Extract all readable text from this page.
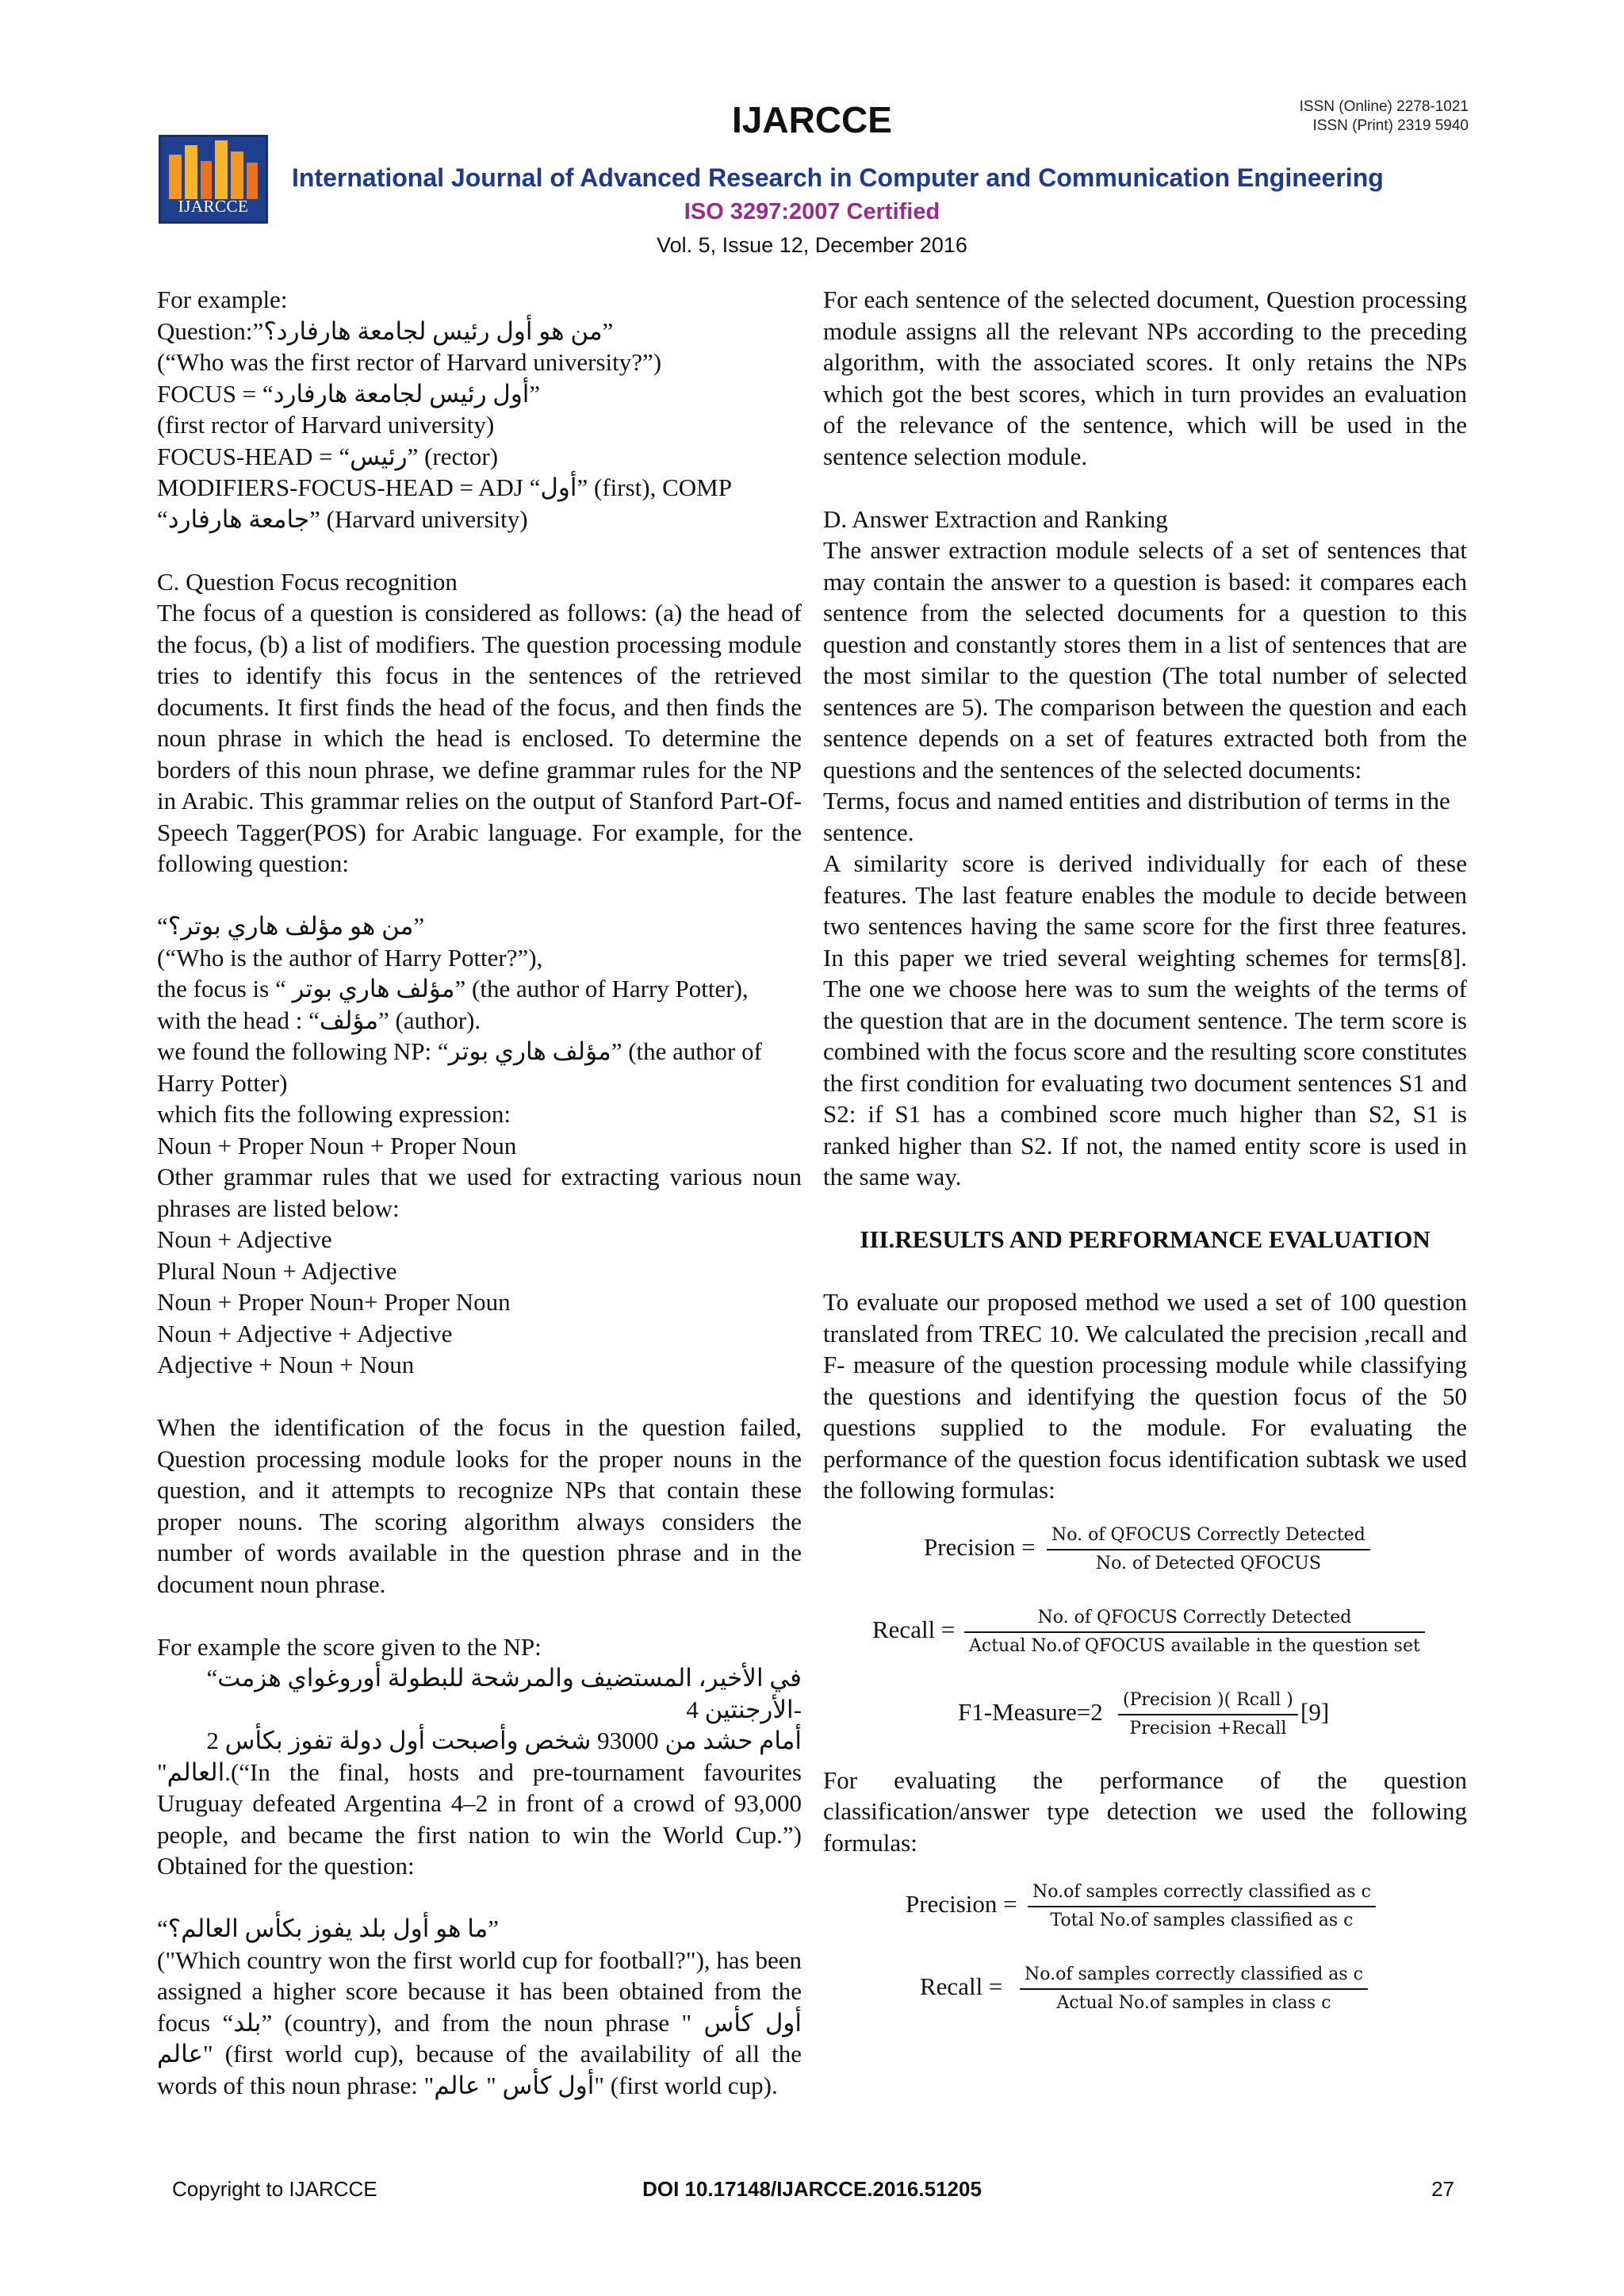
IJARCCE
IJARCCE	ISSN (Online) 2278-1021
ISSN (Print) 2319 5940
International Journal of Advanced Research in Computer and Communication Engineering
ISO 3297:2007 Certified
Vol. 5, Issue 12, December 2016
For example:
Question:”من هو أول رئيس لجامعة هارفارد؟”
(“Who was the first rector of Harvard university?”)
FOCUS = “أول رئيس لجامعة هارفارد”
(first rector of Harvard university)
FOCUS-HEAD = “رئيس” (rector)
MODIFIERS-FOCUS-HEAD = ADJ “أول” (first), COMP
“جامعة هارفارد” (Harvard university)
C. Question Focus recognition

The focus of a question is considered as follows: (a) the head of the focus, (b) a list of modifiers. The question processing module tries to identify this focus in the sentences of the retrieved documents. It first finds the head of the focus, and then finds the noun phrase in which the head is enclosed. To determine the borders of this noun phrase, we define grammar rules for the NP in Arabic. This grammar relies on the output of Stanford Part-Of-Speech Tagger(POS) for Arabic language. For example, for the following question:

“من هو مؤلف هاري بوتر؟”
(“Who is the author of Harry Potter?”),
the focus is “ مؤلف هاري بوتر” (the author of Harry Potter),
with the head : “مؤلف” (author).

we found the following NP: “مؤلف هاري بوتر” (the author of Harry Potter)

which fits the following expression:
Noun + Proper Noun + Proper Noun

Other grammar rules that we used for extracting various noun phrases are listed below:

Noun + Adjective
Plural Noun + Adjective
Noun + Proper Noun+ Proper Noun
Noun + Adjective + Adjective
Adjective + Noun + Noun

When the identification of the focus in the question failed, Question processing module looks for the proper nouns in the question, and it attempts to recognize NPs that contain these proper nouns. The scoring algorithm always considers the number of words available in the question phrase and in the document noun phrase.

For example the score given to the NP:
“في الأخير، المستضيف والمرشحة للبطولة أوروغواي هزمت الأرجنتين 4-
2 أمام حشد من 93000 شخص وأصبحت أول دولة تفوز بكأس

"العالم.(“In the final, hosts and pre-tournament favourites Uruguay defeated Argentina 4–2 in front of a crowd of 93,000 people, and became the first nation to win the World Cup.”) Obtained for the question:

“ما هو أول بلد يفوز بكأس العالم؟”

("Which country won the first world cup for football?"), has been assigned a higher score because it has been obtained from the focus “بلد” (country), and from the noun phrase " أول كأس عالم" (first world cup), because of the availability of all the words of this noun phrase: "أول كأس " عالم" (first world cup).

For each sentence of the selected document, Question processing module assigns all the relevant NPs according to the preceding algorithm, with the associated scores. It only retains the NPs which got the best scores, which in turn provides an evaluation of the relevance of the sentence, which will be used in the sentence selection module.

D. Answer Extraction and Ranking

The answer extraction module selects of a set of sentences that may contain the answer to a question is based: it compares each sentence from the selected documents for a question to this question and constantly stores them in a list of sentences that are the most similar to the question (The total number of selected sentences are 5). The comparison between the question and each sentence depends on a set of features extracted both from the questions and the sentences of the selected documents:

Terms, focus and named entities and distribution of terms in the sentence.

A similarity score is derived individually for each of these features. The last feature enables the module to decide between two sentences having the same score for the first three features. In this paper we tried several weighting schemes for terms[8]. The one we choose here was to sum the weights of the terms of the question that are in the document sentence. The term score is combined with the focus score and the resulting score constitutes the first condition for evaluating two document sentences S1 and S2: if S1 has a combined score much higher than S2, S1 is ranked higher than S2. If not, the named entity score is used in the same way.

III.RESULTS AND PERFORMANCE EVALUATION

To evaluate our proposed method we used a set of 100 question translated from TREC 10. We calculated the precision ,recall and F- measure of the question processing module while classifying the questions and identifying the question focus of the 50 questions supplied to the module. For evaluating the performance of the question focus identification subtask we used the following formulas:

Precision = No. of QFOCUS Correctly Detected
No. of Detected QFOCUS
Recall =	No. of QFOCUS Correctly Detected
Actual No.of QFOCUS available in the question set
F1-Measure=2 (Precision )( Rcall )
Precision +Recall
[9]

For evaluating the performance of the question classification/answer type detection we used the following formulas:

Precision = No.of samples correctly classified as c
Total No.of samples classified as c
Recall = No.of samples correctly classified as c
Actual No.of samples in class c
Copyright to IJARCCE	DOI 10.17148/IJARCCE.2016.51205	27
